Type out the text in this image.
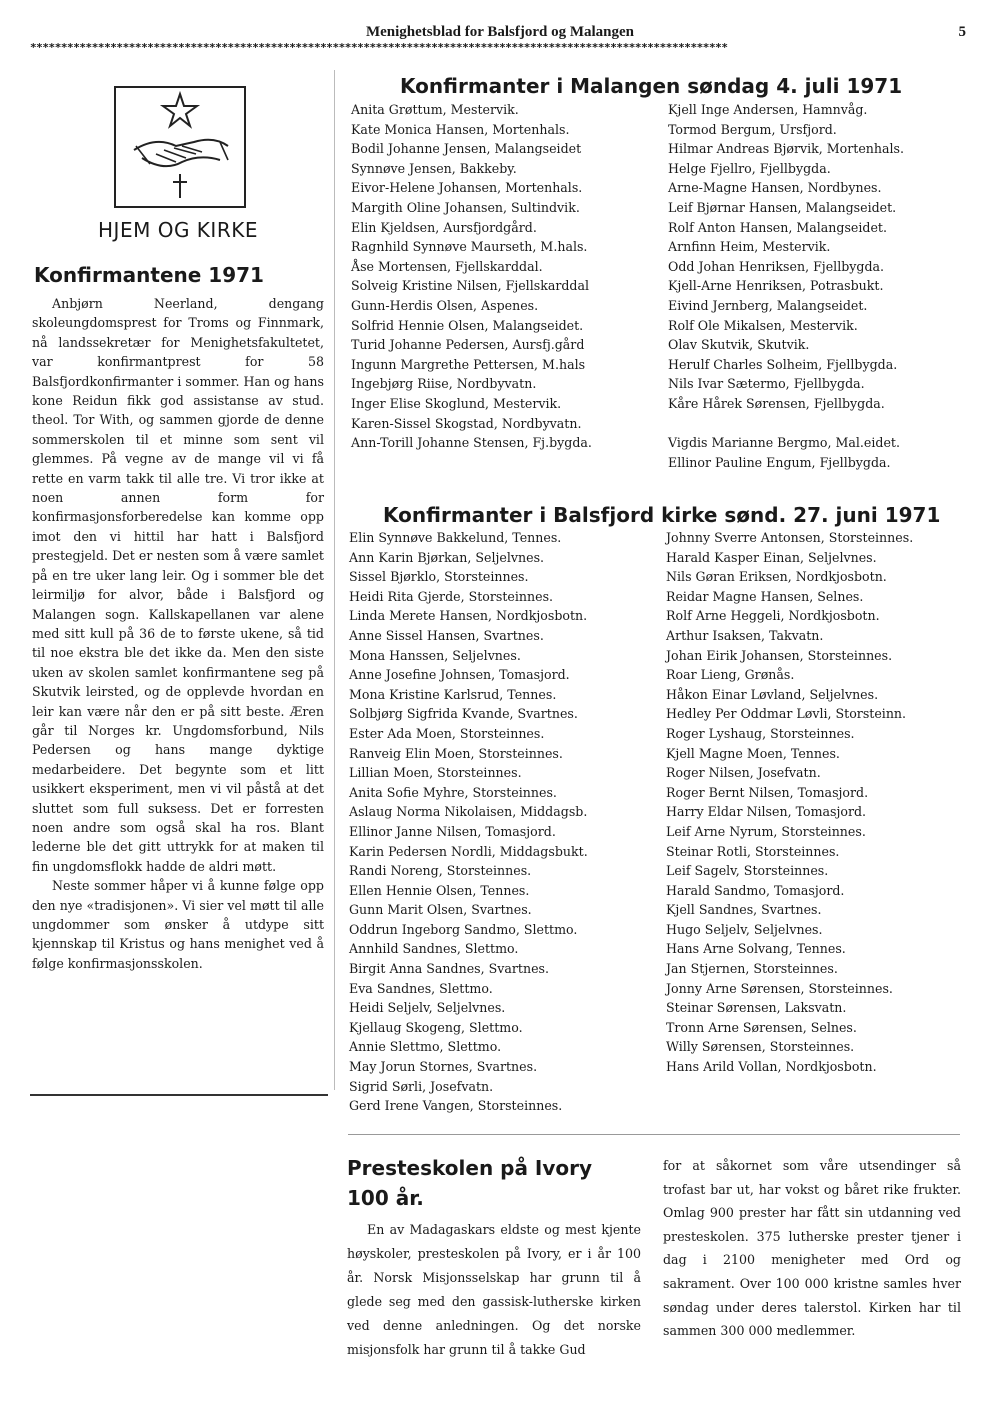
Menighetsblad for Balsfjord og Malangen	5
*****************************************************************************************************************
HJEM OG KIRKE
Konfirmantene 1971

Anbjørn Neerland, dengang skoleungdomsprest for Troms og Finnmark, nå landssekretær for Menighetsfakultetet, var konfirmantprest for 58 Balsfjordkonfirmanter i sommer. Han og hans kone Reidun fikk god assistanse av stud. theol. Tor With, og sammen gjorde de denne sommerskolen til et minne som sent vil glemmes. På vegne av de mange vil vi få rette en varm takk til alle tre. Vi tror ikke at noen annen form for konfirmasjonsforberedelse kan komme opp imot den vi hittil har hatt i Balsfjord prestegjeld. Det er nesten som å være samlet på en tre uker lang leir. Og i sommer ble det leirmiljø for alvor, både i Balsfjord og Malangen sogn. Kallskapellanen var alene med sitt kull på 36 de to første ukene, så tid til noe ekstra ble det ikke da. Men den siste uken av skolen samlet konfirmantene seg på Skutvik leirsted, og de opplevde hvordan en leir kan være når den er på sitt beste. Æren går til Norges kr. Ungdomsforbund, Nils Pedersen og hans mange dyktige medarbeidere. Det begynte som et litt usikkert eksperiment, men vi vil påstå at det sluttet som full suksess. Det er forresten noen andre som også skal ha ros. Blant lederne ble det gitt uttrykk for at maken til fin ungdomsflokk hadde de aldri møtt.

Neste sommer håper vi å kunne følge opp den nye «tradisjonen». Vi sier vel møtt til alle ungdommer som ønsker å utdype sitt kjennskap til Kristus og hans menighet ved å følge konfirmasjonsskolen.

Konfirmanter i Malangen søndag 4. juli 1971
Anita Grøttum, Mestervik.
Kate Monica Hansen, Mortenhals.
Bodil Johanne Jensen, Malangseidet
Synnøve Jensen, Bakkeby.
Eivor-Helene Johansen, Mortenhals.
Margith Oline Johansen, Sultindvik.
Elin Kjeldsen, Aursfjordgård.
Ragnhild Synnøve Maurseth, M.hals.
Åse Mortensen, Fjellskarddal.
Solveig Kristine Nilsen, Fjellskarddal
Gunn-Herdis Olsen, Aspenes.
Solfrid Hennie Olsen, Malangseidet.
Turid Johanne Pedersen, Aursfj.gård
Ingunn Margrethe Pettersen, M.hals
Ingebjørg Riise, Nordbyvatn.
Inger Elise Skoglund, Mestervik.
Karen-Sissel Skogstad, Nordbyvatn.
Ann-Torill Johanne Stensen, Fj.bygda.
Kjell Inge Andersen, Hamnvåg.
Tormod Bergum, Ursfjord.
Hilmar Andreas Bjørvik, Mortenhals.
Helge Fjellro, Fjellbygda.
Arne-Magne Hansen, Nordbynes.
Leif Bjørnar Hansen, Malangseidet.
Rolf Anton Hansen, Malangseidet.
Arnfinn Heim, Mestervik.
Odd Johan Henriksen, Fjellbygda.
Kjell-Arne Henriksen, Potrasbukt.
Eivind Jernberg, Malangseidet.
Rolf Ole Mikalsen, Mestervik.
Olav Skutvik, Skutvik.
Herulf Charles Solheim, Fjellbygda.
Nils Ivar Sætermo, Fjellbygda.
Kåre Hårek Sørensen, Fjellbygda.
Vigdis Marianne Bergmo, Mal.eidet.
Ellinor Pauline Engum, Fjellbygda.
Konfirmanter i Balsfjord kirke sønd. 27. juni 1971
Elin Synnøve Bakkelund, Tennes.
Ann Karin Bjørkan, Seljelvnes.
Sissel Bjørklo, Storsteinnes.
Heidi Rita Gjerde, Storsteinnes.
Linda Merete Hansen, Nordkjosbotn.
Anne Sissel Hansen, Svartnes.
Mona Hanssen, Seljelvnes.
Anne Josefine Johnsen, Tomasjord.
Mona Kristine Karlsrud, Tennes.
Solbjørg Sigfrida Kvande, Svartnes.
Ester Ada Moen, Storsteinnes.
Ranveig Elin Moen, Storsteinnes.
Lillian Moen, Storsteinnes.
Anita Sofie Myhre, Storsteinnes.
Aslaug Norma Nikolaisen, Middagsb.
Ellinor Janne Nilsen, Tomasjord.
Karin Pedersen Nordli, Middagsbukt.
Randi Noreng, Storsteinnes.
Ellen Hennie Olsen, Tennes.
Gunn Marit Olsen, Svartnes.
Oddrun Ingeborg Sandmo, Slettmo.
Annhild Sandnes, Slettmo.
Birgit Anna Sandnes, Svartnes.
Eva Sandnes, Slettmo.
Heidi Seljelv, Seljelvnes.
Kjellaug Skogeng, Slettmo.
Annie Slettmo, Slettmo.
May Jorun Stornes, Svartnes.
Sigrid Sørli, Josefvatn.
Gerd Irene Vangen, Storsteinnes.
Johnny Sverre Antonsen, Storsteinnes.
Harald Kasper Einan, Seljelvnes.
Nils Gøran Eriksen, Nordkjosbotn.
Reidar Magne Hansen, Selnes.
Rolf Arne Heggeli, Nordkjosbotn.
Arthur Isaksen, Takvatn.
Johan Eirik Johansen, Storsteinnes.
Roar Lieng, Grønås.
Håkon Einar Løvland, Seljelvnes.
Hedley Per Oddmar Løvli, Storsteinn.
Roger Lyshaug, Storsteinnes.
Kjell Magne Moen, Tennes.
Roger Nilsen, Josefvatn.
Roger Bernt Nilsen, Tomasjord.
Harry Eldar Nilsen, Tomasjord.
Leif Arne Nyrum, Storsteinnes.
Steinar Rotli, Storsteinnes.
Leif Sagelv, Storsteinnes.
Harald Sandmo, Tomasjord.
Kjell Sandnes, Svartnes.
Hugo Seljelv, Seljelvnes.
Hans Arne Solvang, Tennes.
Jan Stjernen, Storsteinnes.
Jonny Arne Sørensen, Storsteinnes.
Steinar Sørensen, Laksvatn.
Tronn Arne Sørensen, Selnes.
Willy Sørensen, Storsteinnes.
Hans Arild Vollan, Nordkjosbotn.
Presteskolen på Ivory 100 år.

En av Madagaskars eldste og mest kjente høyskoler, presteskolen på Ivory, er i år 100 år. Norsk Misjonsselskap har grunn til å glede seg med den gassisk-lutherske kirken ved denne anledningen. Og det norske misjonsfolk har grunn til å takke Gud

for at såkornet som våre utsendinger så trofast bar ut, har vokst og båret rike frukter. Omlag 900 prester har fått sin utdanning ved presteskolen. 375 lutherske prester tjener i dag i 2100 menigheter med Ord og sakrament. Over 100 000 kristne samles hver søndag under deres talerstol. Kirken har til sammen 300 000 medlemmer.
